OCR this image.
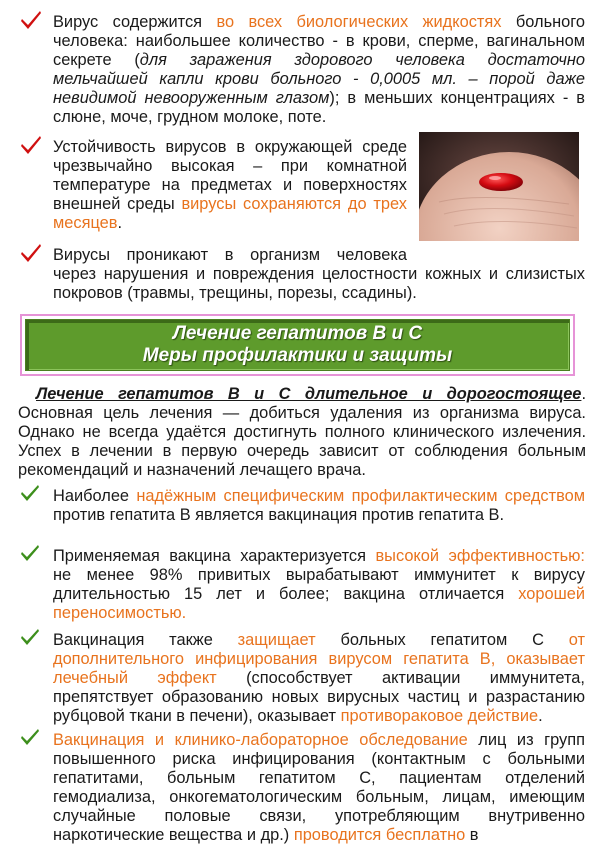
Вирус содержится во всех биологических жидкостях больного человека: наибольшее количество - в крови, сперме, вагинальном секрете (для заражения здорового человека достаточно мельчайшей капли крови больного - 0,0005 мл. – порой даже невидимой невооруженным глазом); в меньших концентрациях - в слюне, моче, грудном молоке, поте.

Устойчивость вирусов в окружающей среде чрезвычайно высокая – при комнатной температуре на предметах и поверхностях внешней среды вирусы сохраняются до трех месяцев.

Вирусы проникают в организм человека

через нарушения и повреждения целостности кожных и слизистых покровов (травмы, трещины, порезы, ссадины).

Лечение гепатитов В и С
Меры профилактики и защиты

Лечение гепатитов В и С длительное и дорогостоящее. Основная цель лечения — добиться удаления из организма вируса. Однако не всегда удаётся достигнуть полного клинического излечения. Успех в лечении в первую очередь зависит от соблюдения больным рекомендаций и назначений лечащего врача.

Наиболее надёжным специфическим профилактическим средством против гепатита В является вакцинация против гепатита В.

Применяемая вакцина характеризуется высокой эффективностью: не менее 98% привитых вырабатывают иммунитет к вирусу длительностью 15 лет и более; вакцина отличается хорошей переносимостью.

Вакцинация также защищает больных гепатитом С от дополнительного инфицирования вирусом гепатита В, оказывает лечебный эффект (способствует активации иммунитета, препятствует образованию новых вирусных частиц и разрастанию рубцовой ткани в печени), оказывает противораковое действие.

Вакцинация и клинико-лабораторное обследование лиц из групп повышенного риска инфицирования (контактным с больными гепатитами, больным гепатитом С, пациентам отделений гемодиализа, онкогематологическим больным, лицам, имеющим случайные половые связи, употребляющим внутривенно наркотические вещества и др.) проводится бесплатно в
